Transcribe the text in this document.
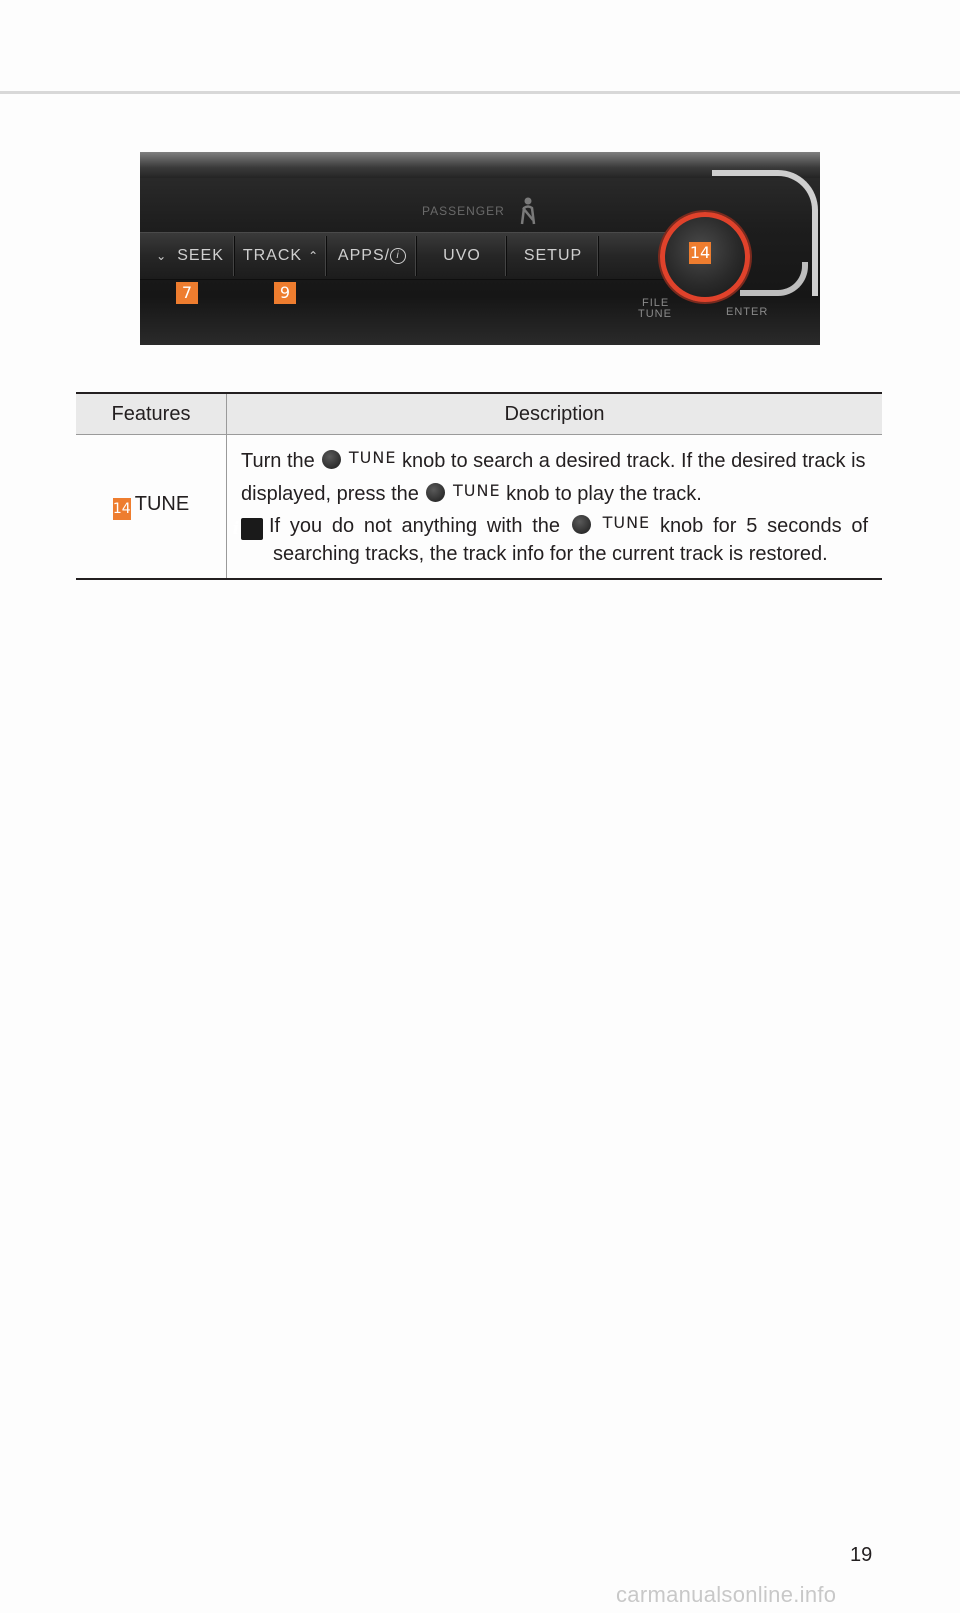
PASSENGER
⌄ SEEK TRACK ⌃ APPS/ i	UVO	SETUP	14
7	9
FILE
TUNE	ENTER
Features	Description
14 TUNE	Turn the $^{TUNE}$ knob to search a desired track. If the desired track is displayed, press the $^{TUNE}$ knob to play the track.
i If you do not anything with the $^{TUNE}$ knob for 5 seconds of searching tracks, the track info for the current track is restored.
19
carmanualsonline.info
